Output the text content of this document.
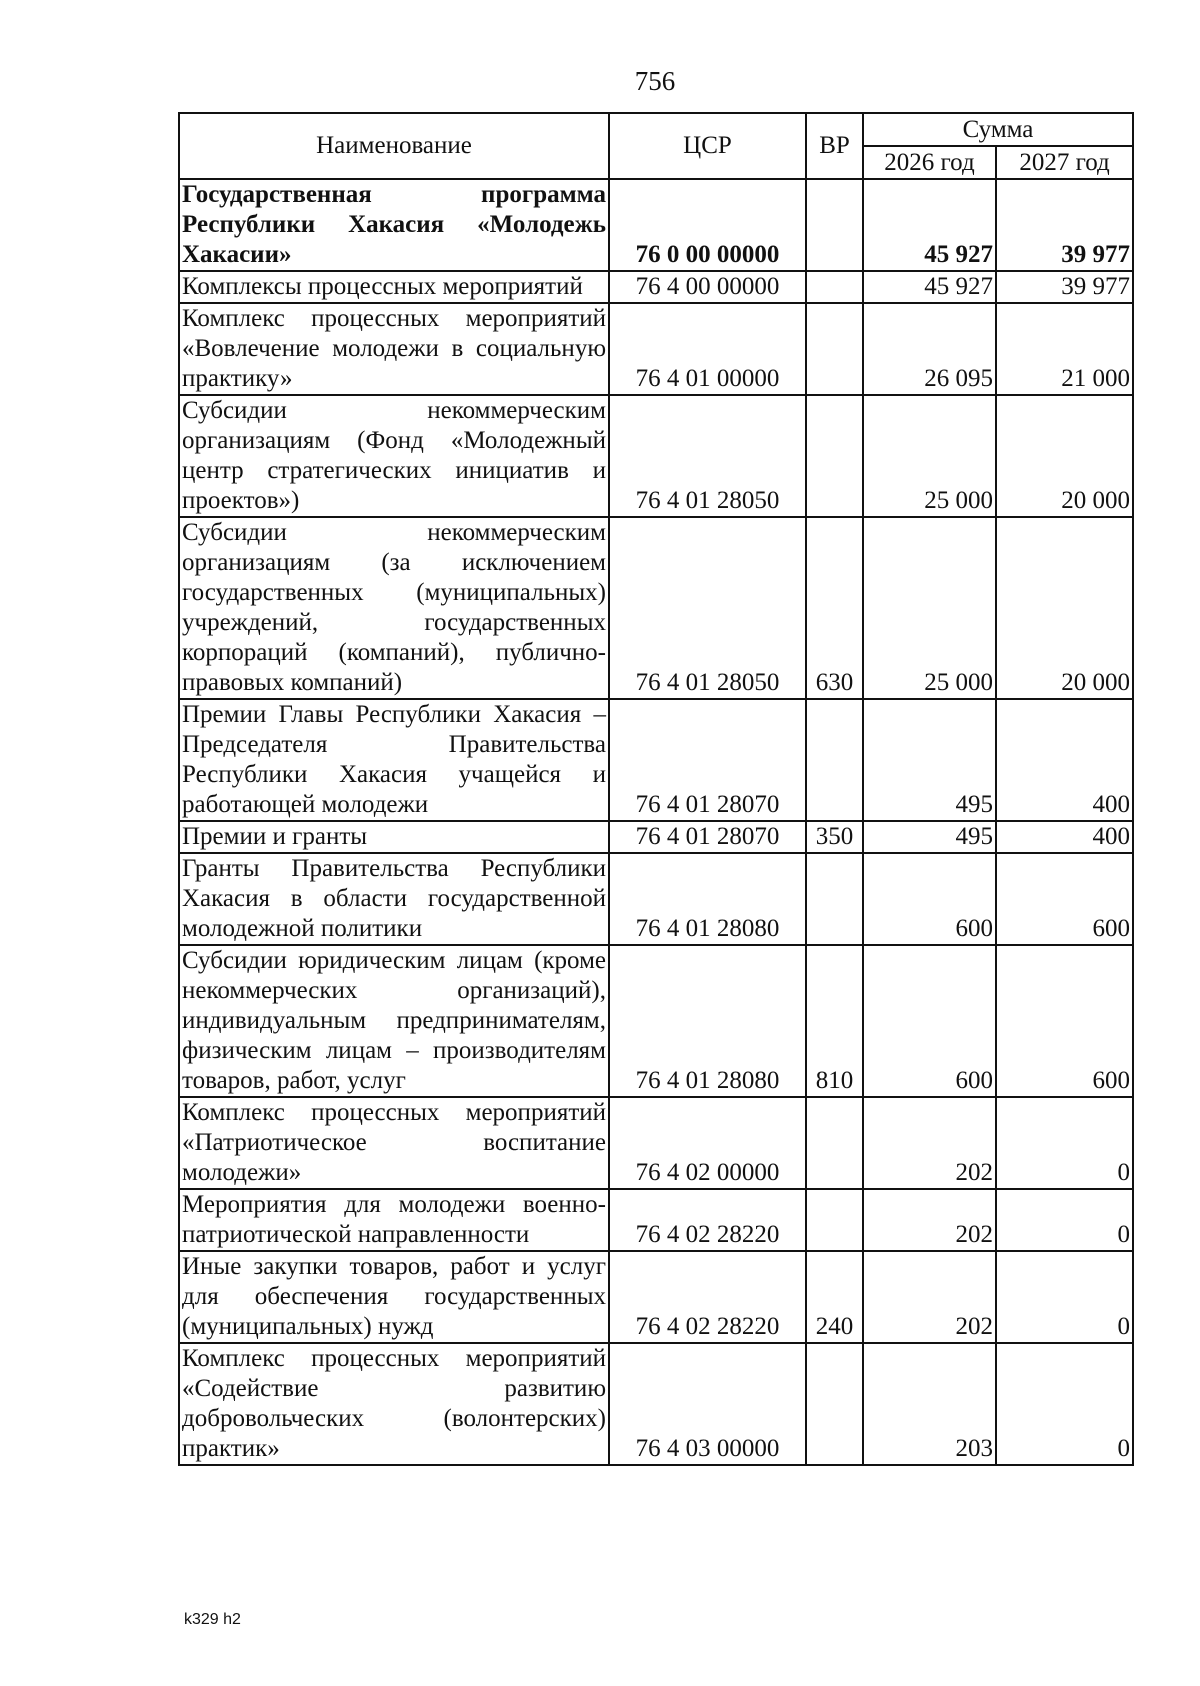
756
Наименование	ЦСР	ВР	Сумма	
			2026 год	2027 год
Государственная программа Республики Хакасия «Молодежь Хакасии»	76 0 00 00000		45 927	39 977
Комплексы процессных мероприятий	76 4 00 00000		45 927	39 977
Комплекс процессных мероприятий «Вовлечение молодежи в социальную практику»	76 4 01 00000		26 095	21 000
Субсидии некоммерческим организациям (Фонд «Молодежный центр стратегических инициатив и проектов»)	76 4 01 28050		25 000	20 000
Субсидии некоммерческим организациям (за исключением государственных (муниципальных) учреждений, государственных корпораций (компаний), публично-правовых компаний)	76 4 01 28050	630	25 000	20 000
Премии Главы Республики Хакасия – Председателя Правительства Республики Хакасия учащейся и работающей молодежи	76 4 01 28070		495	400
Премии и гранты	76 4 01 28070	350	495	400
Гранты Правительства Республики Хакасия в области государственной молодежной политики	76 4 01 28080		600	600
Субсидии юридическим лицам (кроме некоммерческих организаций), индивидуальным предпринимателям, физическим лицам – производителям товаров, работ, услуг	76 4 01 28080	810	600	600
Комплекс процессных мероприятий «Патриотическое воспитание молодежи»	76 4 02 00000		202	0
Мероприятия для молодежи военно-патриотической направленности	76 4 02 28220		202	0
Иные закупки товаров, работ и услуг для обеспечения государственных (муниципальных) нужд	76 4 02 28220	240	202	0
Комплекс процессных мероприятий «Содействие развитию добровольческих (волонтерских) практик»	76 4 03 00000		203	0
k329 h2
